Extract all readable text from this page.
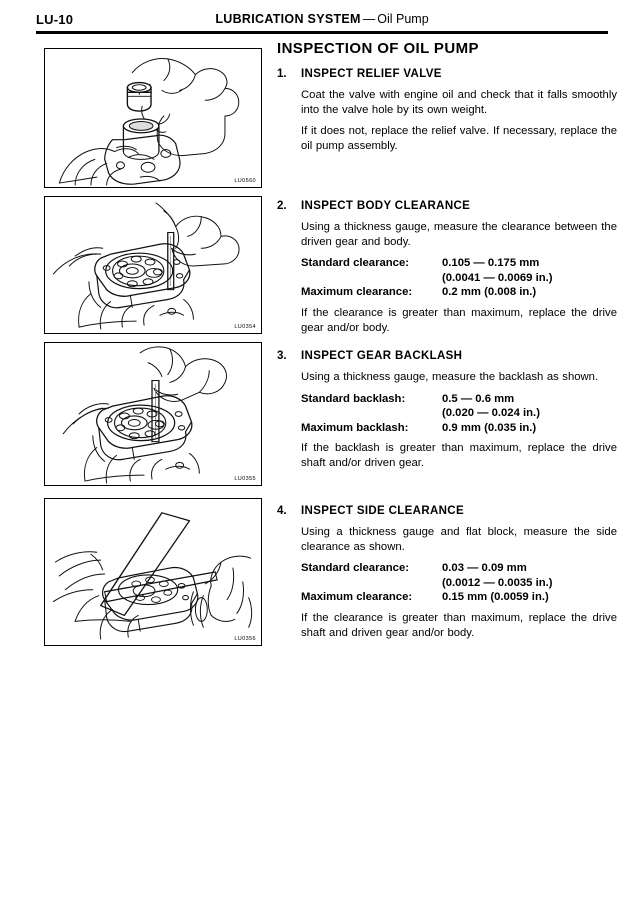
LU-10	LUBRICATION SYSTEM — Oil Pump
LU0560
LU0354
LU0355
LU0356
INSPECTION OF OIL PUMP
1. INSPECT RELIEF VALVE

Coat the valve with engine oil and check that it falls smoothly into the valve hole by its own weight.

If it does not, replace the relief valve. If necessary, replace the oil pump assembly.

2. INSPECT BODY CLEARANCE

Using a thickness gauge, measure the clearance between the driven gear and body.

Standard clearance:	0.105 — 0.175 mm
(0.0041 — 0.0069 in.)
Maximum clearance:	0.2 mm (0.008 in.)

If the clearance is greater than maximum, replace the drive gear and/or body.

3. INSPECT GEAR BACKLASH

Using a thickness gauge, measure the backlash as shown.

Standard backlash:	0.5 — 0.6 mm
(0.020 — 0.024 in.)
Maximum backlash:	0.9 mm (0.035 in.)

If the backlash is greater than maximum, replace the drive shaft and/or driven gear.

4. INSPECT SIDE CLEARANCE

Using a thickness gauge and flat block, measure the side clearance as shown.

Standard clearance:	0.03 — 0.09 mm
(0.0012 — 0.0035 in.)
Maximum clearance:	0.15 mm (0.0059 in.)

If the clearance is greater than maximum, replace the drive shaft and driven gear and/or body.
